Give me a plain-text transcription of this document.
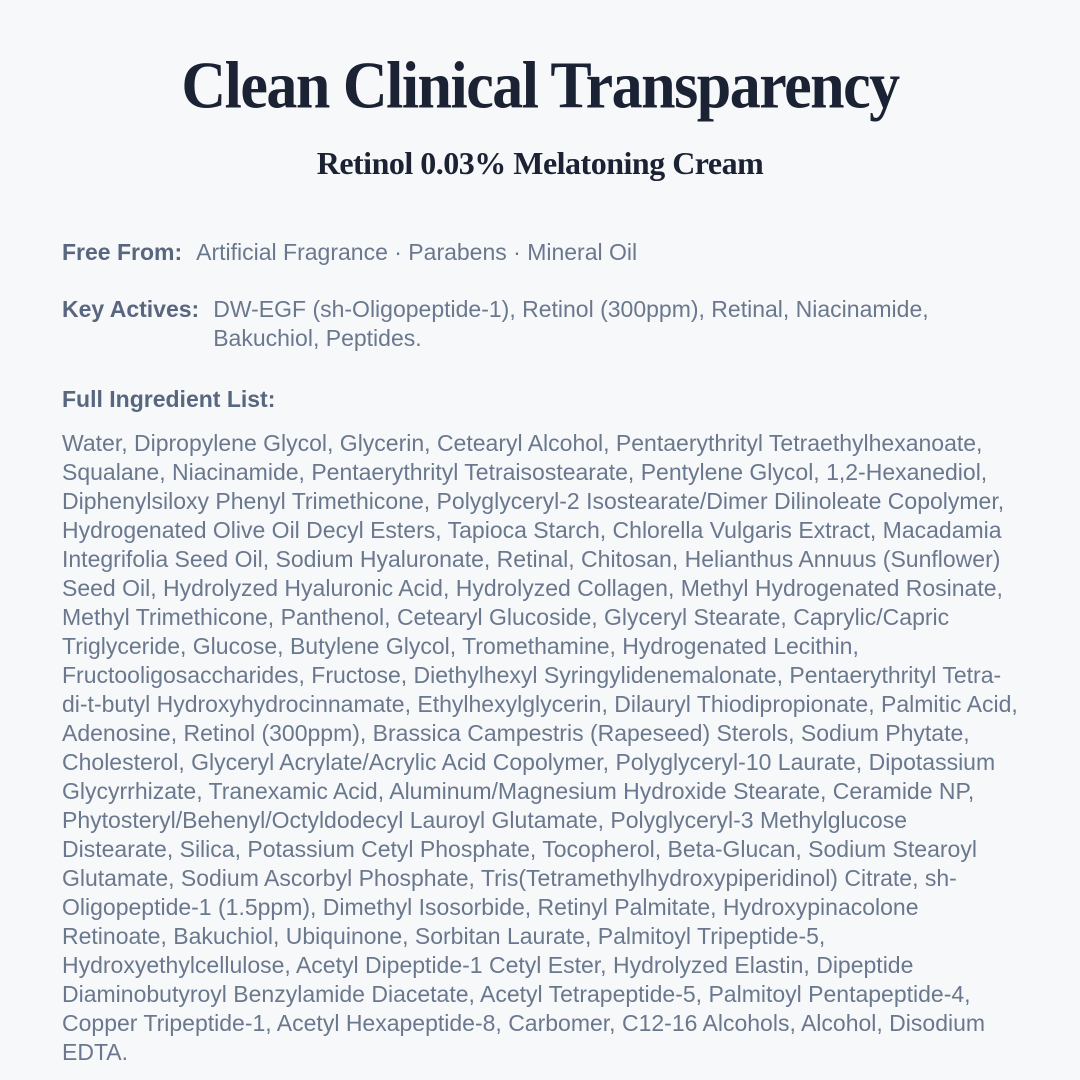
Clean Clinical Transparency
Retinol 0.03% Melatoning Cream
Free From: Artificial Fragrance · Parabens · Mineral Oil
Key Actives: DW-EGF (sh-Oligopeptide-1), Retinol (300ppm), Retinal, Niacinamide, Bakuchiol, Peptides.
Full Ingredient List:

Water, Dipropylene Glycol, Glycerin, Cetearyl Alcohol, Pentaerythrityl Tetraethylhexanoate, Squalane, Niacinamide, Pentaerythrityl Tetraisostearate, Pentylene Glycol, 1,2-Hexanediol, Diphenylsiloxy Phenyl Trimethicone, Polyglyceryl-2 Isostearate/Dimer Dilinoleate Copolymer, Hydrogenated Olive Oil Decyl Esters, Tapioca Starch, Chlorella Vulgaris Extract, Macadamia Integrifolia Seed Oil, Sodium Hyaluronate, Retinal, Chitosan, Helianthus Annuus (Sunflower) Seed Oil, Hydrolyzed Hyaluronic Acid, Hydrolyzed Collagen, Methyl Hydrogenated Rosinate, Methyl Trimethicone, Panthenol, Cetearyl Glucoside, Glyceryl Stearate, Caprylic/Capric Triglyceride, Glucose, Butylene Glycol, Tromethamine, Hydrogenated Lecithin, Fructooligosaccharides, Fructose, Diethylhexyl Syringylidenemalonate, Pentaerythrityl Tetra-di-t-butyl Hydroxyhydrocinnamate, Ethylhexylglycerin, Dilauryl Thiodipropionate, Palmitic Acid, Adenosine, Retinol (300ppm), Brassica Campestris (Rapeseed) Sterols, Sodium Phytate, Cholesterol, Glyceryl Acrylate/Acrylic Acid Copolymer, Polyglyceryl-10 Laurate, Dipotassium Glycyrrhizate, Tranexamic Acid, Aluminum/Magnesium Hydroxide Stearate, Ceramide NP, Phytosteryl/Behenyl/Octyldodecyl Lauroyl Glutamate, Polyglyceryl-3 Methylglucose Distearate, Silica, Potassium Cetyl Phosphate, Tocopherol, Beta-Glucan, Sodium Stearoyl Glutamate, Sodium Ascorbyl Phosphate, Tris(Tetramethylhydroxypiperidinol) Citrate, sh-Oligopeptide-1 (1.5ppm), Dimethyl Isosorbide, Retinyl Palmitate, Hydroxypinacolone Retinoate, Bakuchiol, Ubiquinone, Sorbitan Laurate, Palmitoyl Tripeptide-5, Hydroxyethylcellulose, Acetyl Dipeptide-1 Cetyl Ester, Hydrolyzed Elastin, Dipeptide Diaminobutyroyl Benzylamide Diacetate, Acetyl Tetrapeptide-5, Palmitoyl Pentapeptide-4, Copper Tripeptide-1, Acetyl Hexapeptide-8, Carbomer, C12-16 Alcohols, Alcohol, Disodium EDTA.
